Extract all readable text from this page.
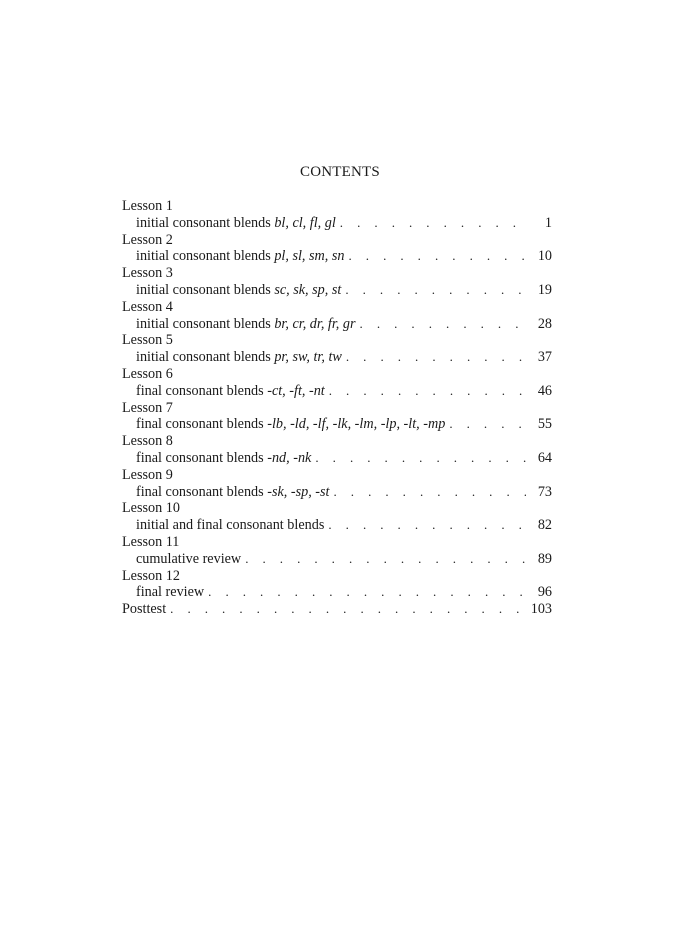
CONTENTS
Lesson 1
initial consonant blends bl, cl, fl, gl . . .	1
Lesson 2
initial consonant blends pl, sl, sm, sn . . .	10
Lesson 3
initial consonant blends sc, sk, sp, st . . .	19
Lesson 4
initial consonant blends br, cr, dr, fr, gr . . .	28
Lesson 5
initial consonant blends pr, sw, tr, tw . . .	37
Lesson 6
final consonant blends -ct, -ft, -nt . . .	46
Lesson 7
final consonant blends -lb, -ld, -lf, -lk, -lm, -lp, -lt, -mp . . .	55
Lesson 8
final consonant blends -nd, -nk . . .	64
Lesson 9
final consonant blends -sk, -sp, -st . . .	73
Lesson 10
initial and final consonant blends . . .	82
Lesson 11
cumulative review . . .	89
Lesson 12
final review . . .	96
Posttest . . .	103
